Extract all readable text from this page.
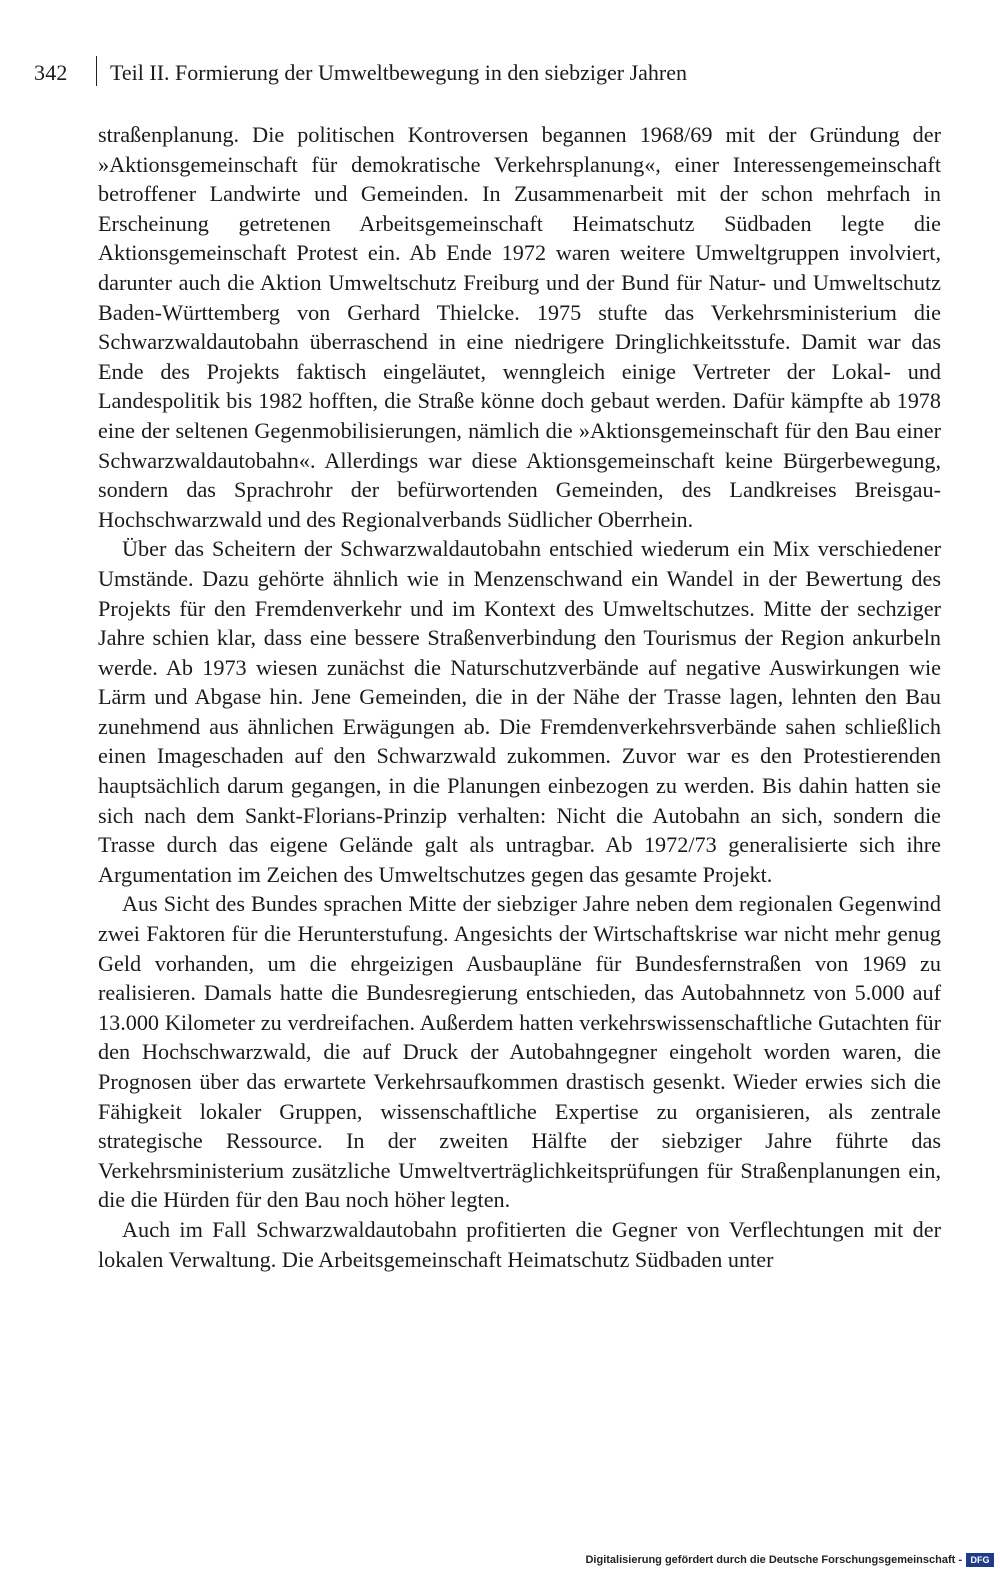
342 Teil II. Formierung der Umweltbewegung in den siebziger Jahren

straßenplanung. Die politischen Kontroversen begannen 1968/69 mit der Gründung der »Aktionsgemeinschaft für demokratische Verkehrsplanung«, einer Interessengemeinschaft betroffener Landwirte und Gemeinden. In Zusammenarbeit mit der schon mehrfach in Erscheinung getretenen Arbeitsgemeinschaft Heimatschutz Südbaden legte die Aktionsgemeinschaft Protest ein. Ab Ende 1972 waren weitere Umweltgruppen involviert, darunter auch die Aktion Umweltschutz Freiburg und der Bund für Natur- und Umweltschutz Baden-Württemberg von Gerhard Thielcke. 1975 stufte das Verkehrsministerium die Schwarzwaldautobahn überraschend in eine niedrigere Dringlichkeitsstufe. Damit war das Ende des Projekts faktisch eingeläutet, wenngleich einige Vertreter der Lokal- und Landespolitik bis 1982 hofften, die Straße könne doch gebaut werden. Dafür kämpfte ab 1978 eine der seltenen Gegenmobilisierungen, nämlich die »Aktionsgemeinschaft für den Bau einer Schwarzwaldautobahn«. Allerdings war diese Aktionsgemeinschaft keine Bürgerbewegung, sondern das Sprachrohr der befürwortenden Gemeinden, des Landkreises Breisgau-Hochschwarzwald und des Regionalverbands Südlicher Oberrhein.

Über das Scheitern der Schwarzwaldautobahn entschied wiederum ein Mix verschiedener Umstände. Dazu gehörte ähnlich wie in Menzenschwand ein Wandel in der Bewertung des Projekts für den Fremdenverkehr und im Kontext des Umweltschutzes. Mitte der sechziger Jahre schien klar, dass eine bessere Straßenverbindung den Tourismus der Region ankurbeln werde. Ab 1973 wiesen zunächst die Naturschutzverbände auf negative Auswirkungen wie Lärm und Abgase hin. Jene Gemeinden, die in der Nähe der Trasse lagen, lehnten den Bau zunehmend aus ähnlichen Erwägungen ab. Die Fremdenverkehrsverbände sahen schließlich einen Imageschaden auf den Schwarzwald zukommen. Zuvor war es den Protestierenden hauptsächlich darum gegangen, in die Planungen einbezogen zu werden. Bis dahin hatten sie sich nach dem Sankt-Florians-Prinzip verhalten: Nicht die Autobahn an sich, sondern die Trasse durch das eigene Gelände galt als untragbar. Ab 1972/73 generalisierte sich ihre Argumentation im Zeichen des Umweltschutzes gegen das gesamte Projekt.

Aus Sicht des Bundes sprachen Mitte der siebziger Jahre neben dem regionalen Gegenwind zwei Faktoren für die Herunterstufung. Angesichts der Wirtschaftskrise war nicht mehr genug Geld vorhanden, um die ehrgeizigen Ausbaupläne für Bundesfernstraßen von 1969 zu realisieren. Damals hatte die Bundesregierung entschieden, das Autobahnnetz von 5.000 auf 13.000 Kilometer zu verdreifachen. Außerdem hatten verkehrswissenschaftliche Gutachten für den Hochschwarzwald, die auf Druck der Autobahngegner eingeholt worden waren, die Prognosen über das erwartete Verkehrsaufkommen drastisch gesenkt. Wieder erwies sich die Fähigkeit lokaler Gruppen, wissenschaftliche Expertise zu organisieren, als zentrale strategische Ressource. In der zweiten Hälfte der siebziger Jahre führte das Verkehrsministerium zusätzliche Umweltverträglichkeitsprüfungen für Straßenplanungen ein, die die Hürden für den Bau noch höher legten.

Auch im Fall Schwarzwaldautobahn profitierten die Gegner von Verflechtungen mit der lokalen Verwaltung. Die Arbeitsgemeinschaft Heimatschutz Südbaden unter

Digitalisierung gefördert durch die Deutsche Forschungsgemeinschaft - DFG
